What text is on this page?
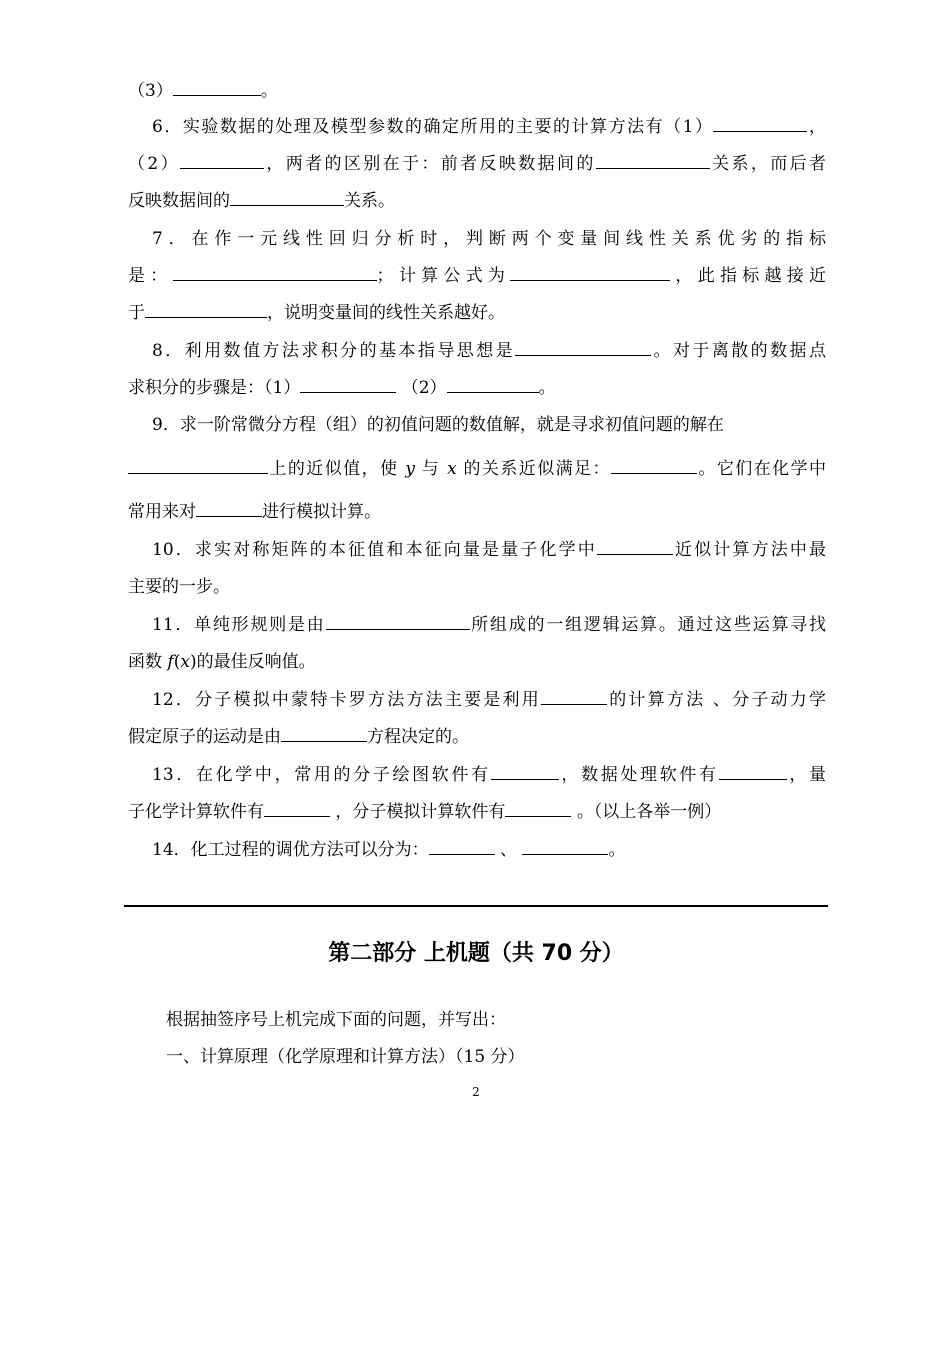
（3）	。
6．实验数据的处理及模型参数的确定所用的主要的计算方法有（1）	，
（2）	，两者的区别在于：前者反映数据间的	关系，而后者
反映数据间的	关系。
7．在作一元线性回归分析时，判断两个变量间线性关系优劣的指标
是：	；计算公式为	，此指标越接近
于	，说明变量间的线性关系越好。
8．利用数值方法求积分的基本指导思想是	。对于离散的数据点
求积分的步骤是：（1）	（2）	。
9．求一阶常微分方程（组）的初值问题的数值解，就是寻求初值问题的解在
上的近似值，使 y 与 x 的关系近似满足：	。它们在化学中
常用来对	进行模拟计算。
10．求实对称矩阵的本征值和本征向量是量子化学中	近似计算方法中最
主要的一步。
11．单纯形规则是由	所组成的一组逻辑运算。通过这些运算寻找
函数 f(x)的最佳反响值。
12．分子模拟中蒙特卡罗方法方法主要是利用	的计算方法 、分子动力学
假定原子的运动是由	方程决定的。
13．在化学中，常用的分子绘图软件有	，数据处理软件有	，量
子化学计算软件有	，分子模拟计算软件有	。（以上各举一例）
14．化工过程的调优方法可以分为：	、	。
第二部分 上机题（共 70 分）
根据抽签序号上机完成下面的问题，并写出：
一、计算原理（化学原理和计算方法）（15 分）
2
